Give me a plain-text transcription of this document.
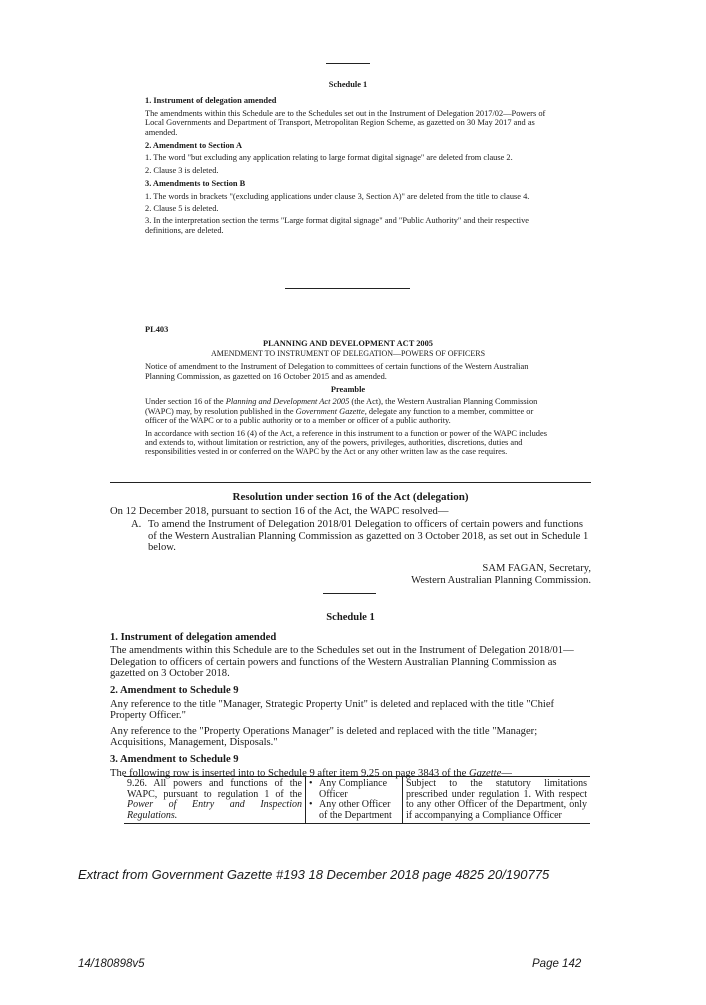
Schedule 1

1. Instrument of delegation amended

The amendments within this Schedule are to the Schedules set out in the Instrument of Delegation 2017/02—Powers of Local Governments and Department of Transport, Metropolitan Region Scheme, as gazetted on 30 May 2017 and as amended.

2. Amendment to Section A

1. The word "but excluding any application relating to large format digital signage" are deleted from clause 2.

2. Clause 3 is deleted.

3. Amendments to Section B

1. The words in brackets "(excluding applications under clause 3, Section A)" are deleted from the title to clause 4.

2. Clause 5 is deleted.

3. In the interpretation section the terms "Large format digital signage" and "Public Authority" and their respective definitions, are deleted.

PL403

PLANNING AND DEVELOPMENT ACT 2005

AMENDMENT TO INSTRUMENT OF DELEGATION—POWERS OF OFFICERS

Notice of amendment to the Instrument of Delegation to committees of certain functions of the Western Australian Planning Commission, as gazetted on 16 October 2015 and as amended.

Preamble

Under section 16 of the Planning and Development Act 2005 (the Act), the Western Australian Planning Commission (WAPC) may, by resolution published in the Government Gazette, delegate any function to a member, committee or officer of the WAPC or to a public authority or to a member or officer of a public authority.

In accordance with section 16 (4) of the Act, a reference in this instrument to a function or power of the WAPC includes and extends to, without limitation or restriction, any of the powers, privileges, authorities, discretions, duties and responsibilities vested in or conferred on the WAPC by the Act or any other written law as the case requires.

Resolution under section 16 of the Act (delegation)

On 12 December 2018, pursuant to section 16 of the Act, the WAPC resolved—

A. To amend the Instrument of Delegation 2018/01 Delegation to officers of certain powers and functions of the Western Australian Planning Commission as gazetted on 3 October 2018, as set out in Schedule 1 below.

SAM FAGAN, Secretary,

Western Australian Planning Commission.

Schedule 1

1. Instrument of delegation amended

The amendments within this Schedule are to the Schedules set out in the Instrument of Delegation 2018/01—Delegation to officers of certain powers and functions of the Western Australian Planning Commission as gazetted on 3 October 2018.

2. Amendment to Schedule 9

Any reference to the title "Manager, Strategic Property Unit" is deleted and replaced with the title "Chief Property Officer."

Any reference to the "Property Operations Manager" is deleted and replaced with the title "Manager; Acquisitions, Management, Disposals."

3. Amendment to Schedule 9

The following row is inserted into to Schedule 9 after item 9.25 on page 3843 of the Gazette—

9.26. All powers and functions of the WAPC, pursuant to regulation 1 of the Power of Entry and Inspection Regulations.	
• Any Compliance Officer
• Any other Officer of the Department
	Subject to the statutory limitations prescribed under regulation 1. With respect to any other Officer of the Department, only if accompanying a Compliance Officer
Extract from Government Gazette #193 18 December 2018 page 4825 20/190775
14/180898v5	Page 142
